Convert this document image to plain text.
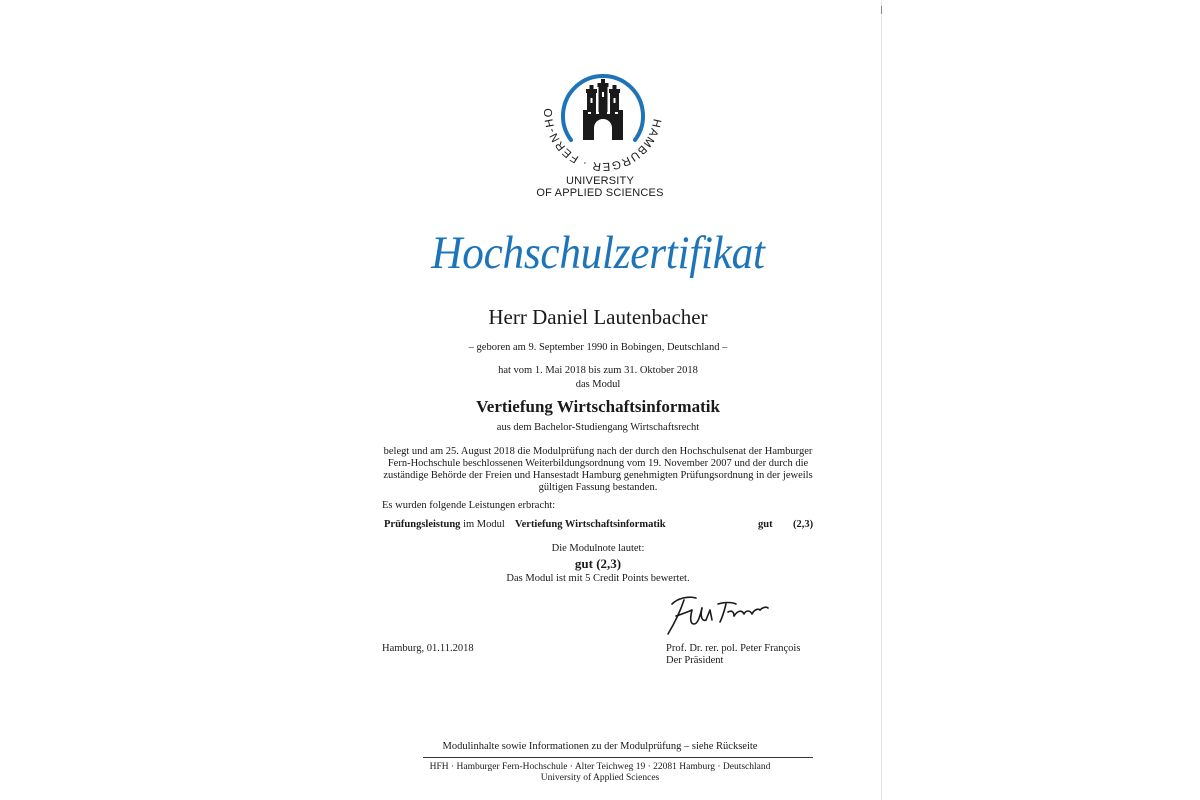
HAMBURGER · FERN-HO
UNIVERSITY
OF APPLIED SCIENCES
Hochschulzertifikat
Herr Daniel Lautenbacher
– geboren am 9. September 1990 in Bobingen, Deutschland –
hat vom 1. Mai 2018 bis zum 31. Oktober 2018
das Modul
Vertiefung Wirtschaftsinformatik
aus dem Bachelor-Studiengang Wirtschaftsrecht
belegt und am 25. August 2018 die Modulprüfung nach der durch den Hochschulsenat der Hamburger
Fern-Hochschule beschlossenen Weiterbildungsordnung vom 19. November 2007 und der durch die
zuständige Behörde der Freien und Hansestadt Hamburg genehmigten Prüfungsordnung in der jeweils
gültigen Fassung bestanden.
Es wurden folgende Leistungen erbracht:
Prüfungsleistung im Modul Vertiefung Wirtschaftsinformatik	gut (2,3)
Die Modulnote lautet:
gut (2,3)
Das Modul ist mit 5 Credit Points bewertet.
Hamburg, 01.11.2018	Prof. Dr. rer. pol. Peter François
Der Präsident
Modulinhalte sowie Informationen zu der Modulprüfung – siehe Rückseite
HFH · Hamburger Fern-Hochschule · Alter Teichweg 19 · 22081 Hamburg · Deutschland
University of Applied Sciences
